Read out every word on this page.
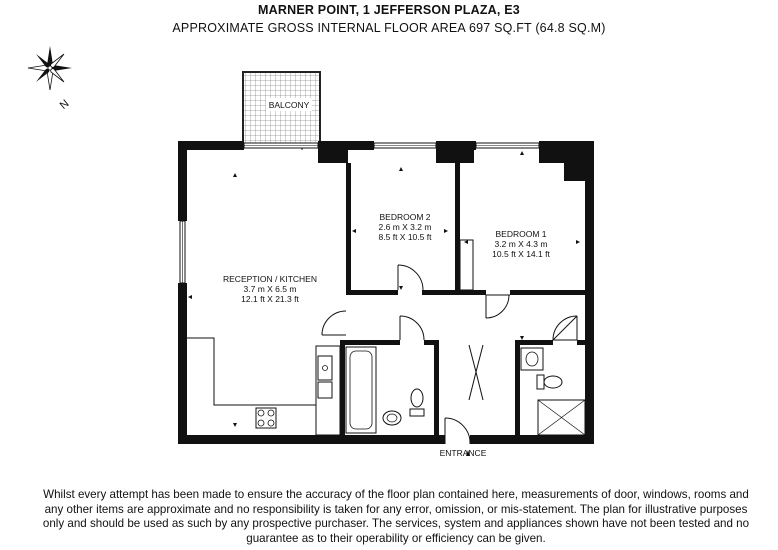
MARNER POINT, 1 JEFFERSON PLAZA, E3
APPROXIMATE GROSS INTERNAL FLOOR AREA 697 SQ.FT (64.8 SQ.M)
N	BALCONY
RECEPTION / KITCHEN
3.7 m X 6.5 m
12.1 ft X 21.3 ft
BEDROOM 2
2.6 m X 3.2 m
8.5 ft X 10.5 ft	BEDROOM 1
3.2 m X 4.3 m
10.5 ft X 14.1 ft
ENTRANCE
Whilst every attempt has been made to ensure the accuracy of the floor plan contained here, measurements of door, windows, rooms and any other items are approximate and no responsibility is taken for any error, omission, or mis-statement. The plan for illustrative purposes only and should be used as such by any prospective purchaser. The services, system and appliances shown have not been tested and no guarantee as to their operability or efficiency can be given.
